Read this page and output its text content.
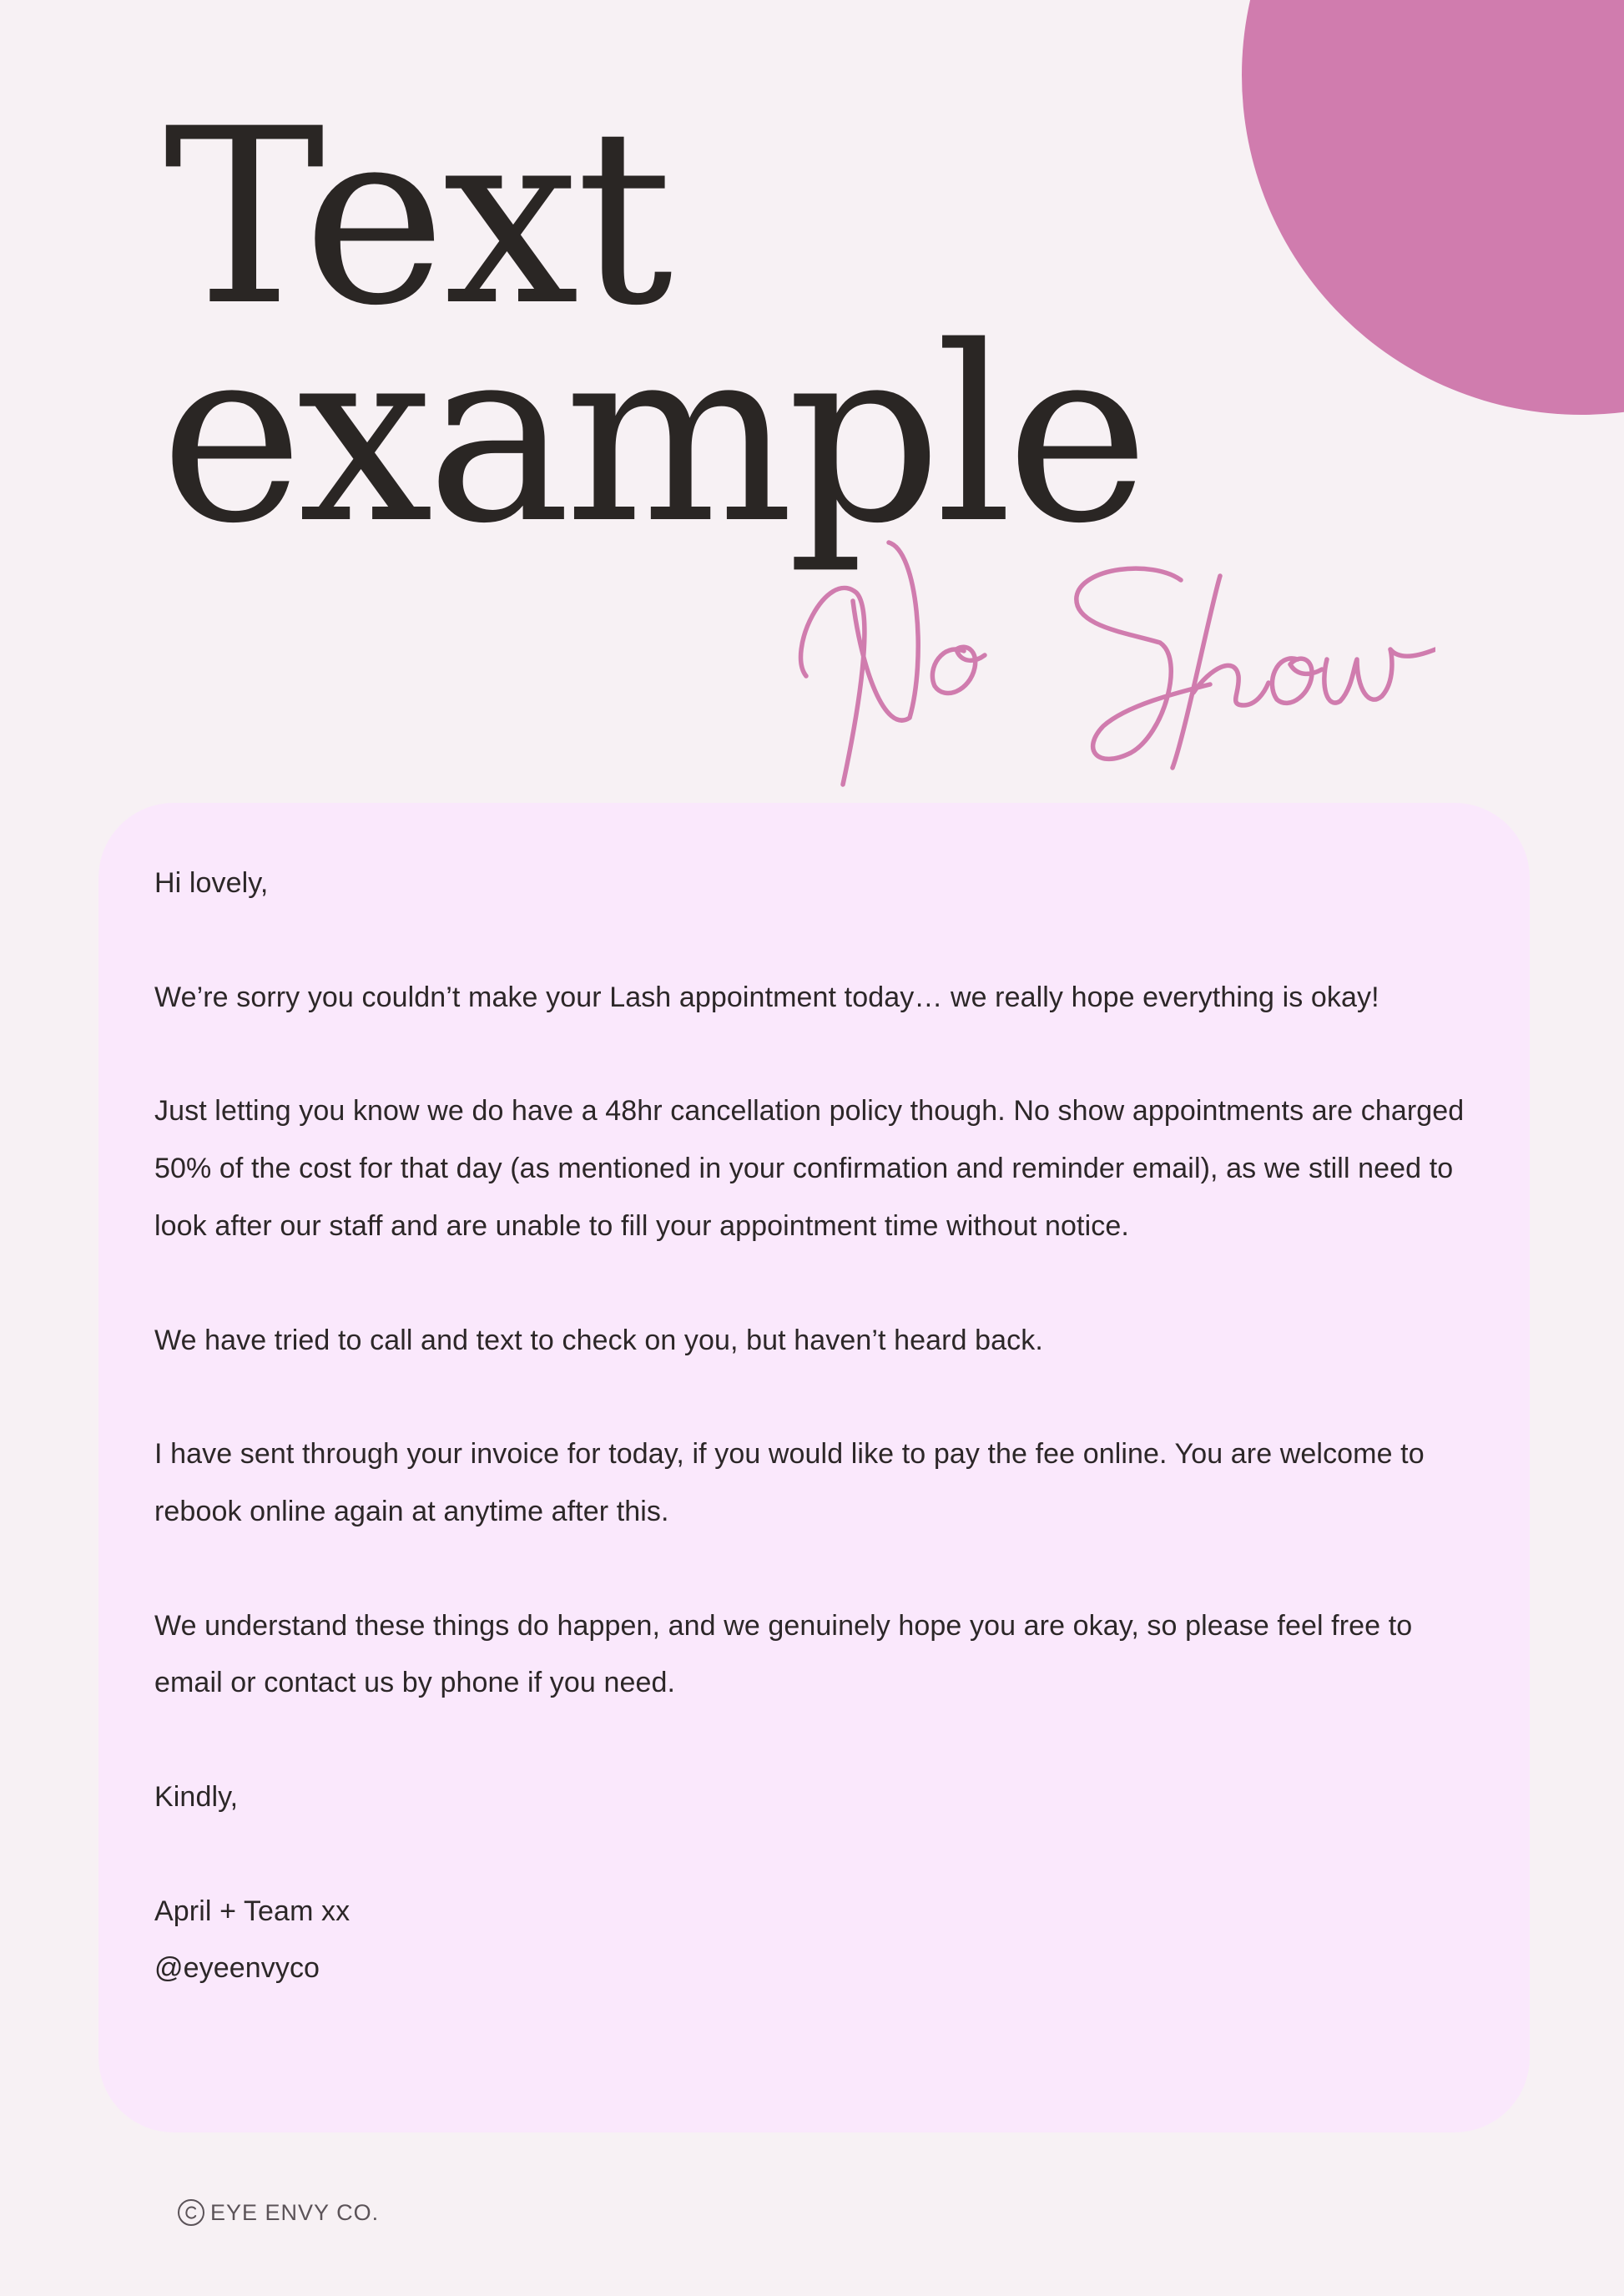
Text
example

Hi lovely,

We’re sorry you couldn’t make your Lash appointment today… we really hope everything is okay!

Just letting you know we do have a 48hr cancellation policy though. No show appointments are charged 50% of the cost for that day (as mentioned in your confirmation and reminder email), as we still need to look after our staff and are unable to fill your appointment time without notice.

We have tried to call and text to check on you, but haven’t heard back.

I have sent through your invoice for today, if you would like to pay the fee online. You are welcome to rebook online again at anytime after this.

We understand these things do happen, and we genuinely hope you are okay, so please feel free to email or contact us by phone if you need.

Kindly,

April + Team xx

@eyeenvyco

EYE ENVY CO.
